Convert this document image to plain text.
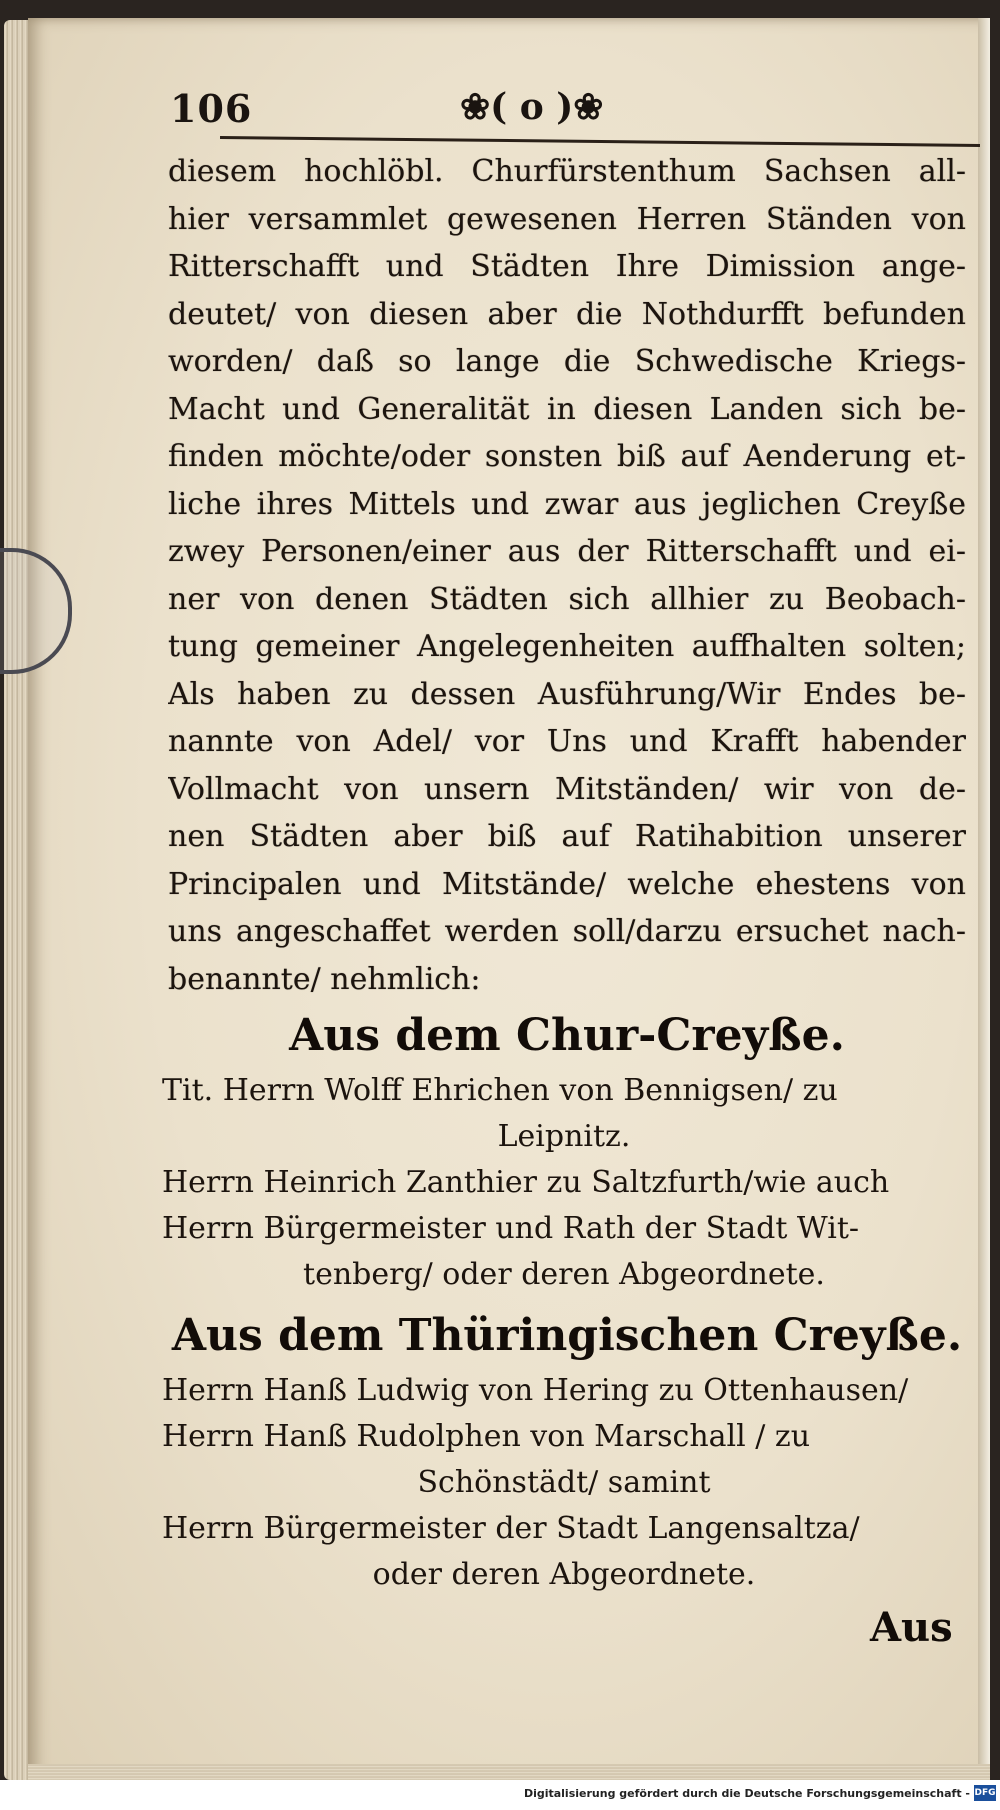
106	❀( o )❀
diesem hochlöbl. Churfürstenthum Sachsen all-
hier versammlet gewesenen Herren Ständen von
Ritterschafft und Städten Ihre Dimission ange-
deutet/ von diesen aber die Nothdurfft befunden
worden/ daß so lange die Schwedische Kriegs-
Macht und Generalität in diesen Landen sich be-
finden möchte/oder sonsten biß auf Aenderung et-
liche ihres Mittels und zwar aus jeglichen Creyße
zwey Personen/einer aus der Ritterschafft und ei-
ner von denen Städten sich allhier zu Beobach-
tung gemeiner Angelegenheiten auffhalten solten;
Als haben zu dessen Ausführung/Wir Endes be-
nannte von Adel/ vor Uns und Krafft habender
Vollmacht von unsern Mitständen/ wir von de-
nen Städten aber biß auf Ratihabition unserer
Principalen und Mitstände/ welche ehestens von
uns angeschaffet werden soll/darzu ersuchet nach-
benannte/ nehmlich:
Aus dem Chur-Creyße.
Tit. Herrn Wolff Ehrichen von Bennigsen/ zu
Leipnitz.
Herrn Heinrich Zanthier zu Saltzfurth/wie auch
Herrn Bürgermeister und Rath der Stadt Wit-
tenberg/ oder deren Abgeordnete.
Aus dem Thüringischen Creyße.
Herrn Hanß Ludwig von Hering zu Ottenhausen/
Herrn Hanß Rudolphen von Marschall / zu
Schönstädt/ samint
Herrn Bürgermeister der Stadt Langensaltza/
oder deren Abgeordnete.
Aus
Digitalisierung gefördert durch die Deutsche Forschungsgemeinschaft - DFG
